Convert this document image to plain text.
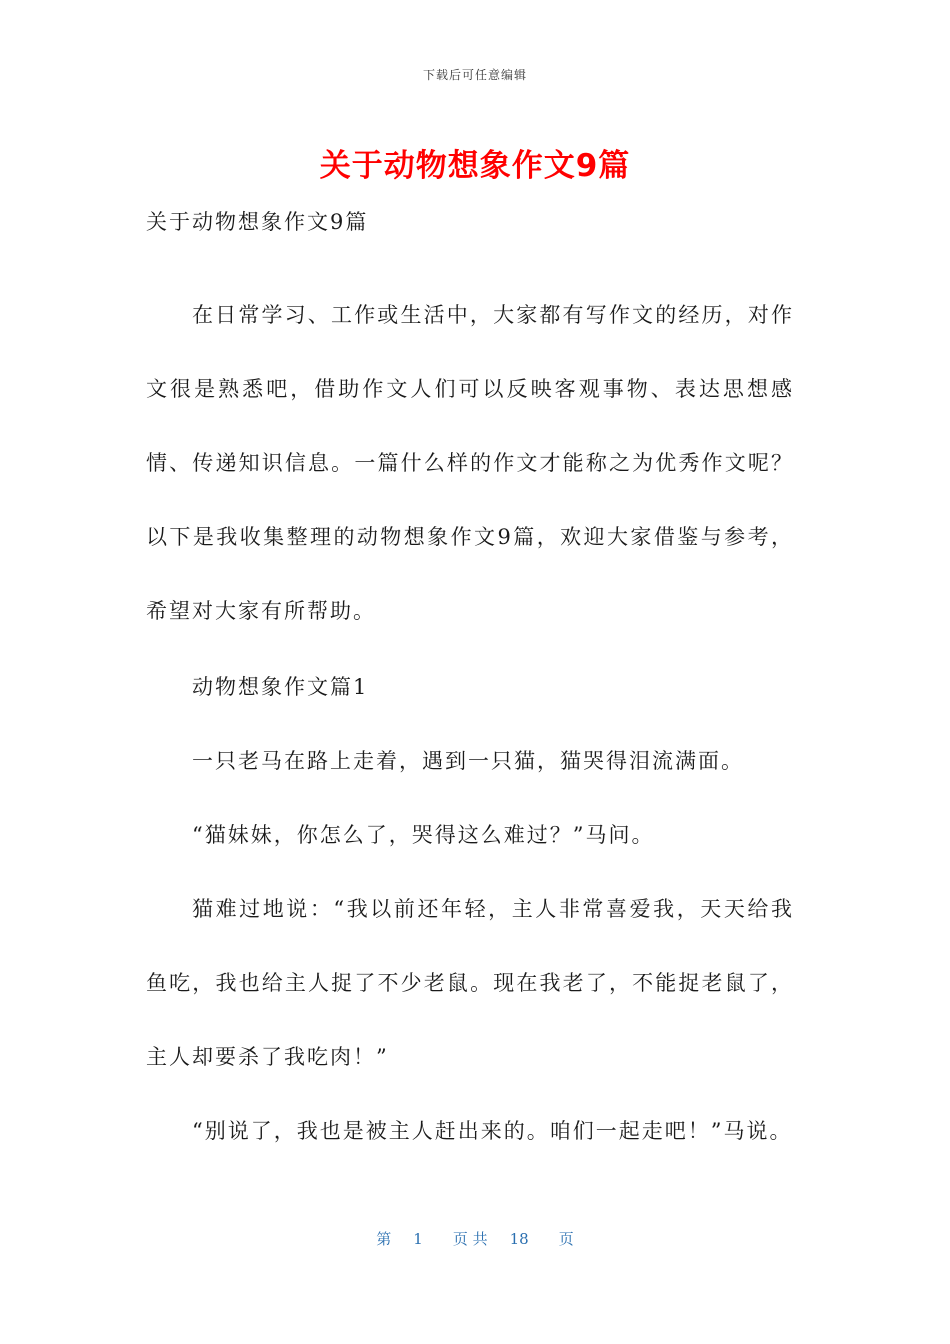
下载后可任意编辑
关于动物想象作文9篇
关于动物想象作文9篇
在日常学习、工作或生活中，大家都有写作文的经历，对作文很是熟悉吧，借助作文人们可以反映客观事物、表达思想感情、传递知识信息。一篇什么样的作文才能称之为优秀作文呢？以下是我收集整理的动物想象作文9篇，欢迎大家借鉴与参考，希望对大家有所帮助。
动物想象作文篇1
一只老马在路上走着，遇到一只猫，猫哭得泪流满面。
“猫妹妹，你怎么了，哭得这么难过？”马问。
猫难过地说：“我以前还年轻，主人非常喜爱我，天天给我鱼吃，我也给主人捉了不少老鼠。现在我老了，不能捉老鼠了，主人却要杀了我吃肉！”
“别说了，我也是被主人赶出来的。咱们一起走吧！”马说。
第 1 页 共 18 页
